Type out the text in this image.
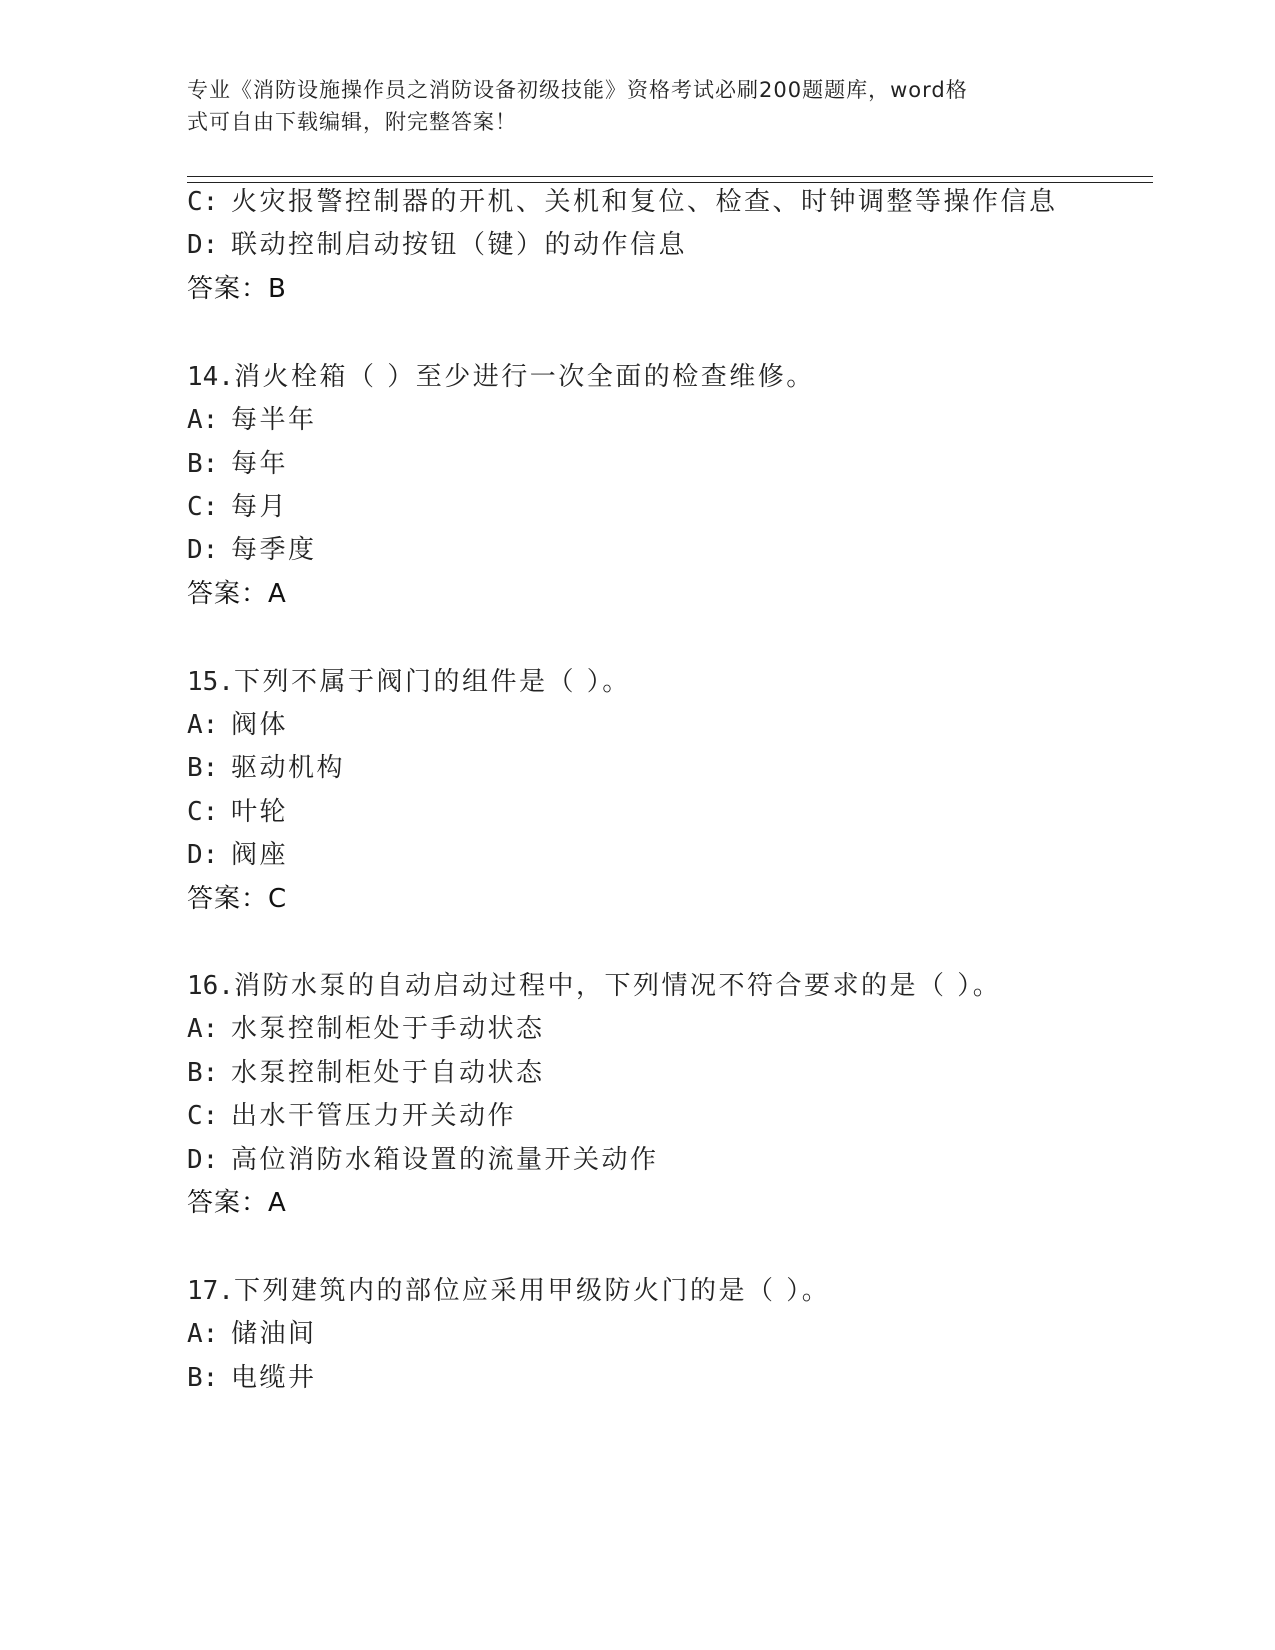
专业《消防设施操作员之消防设备初级技能》资格考试必刷200题题库，word格
式可自由下载编辑，附完整答案！
C: 火灾报警控制器的开机、关机和复位、检查、时钟调整等操作信息
D: 联动控制启动按钮（键）的动作信息
答案：B
14.消火栓箱（ ）至少进行一次全面的检查维修。
A: 每半年
B: 每年
C: 每月
D: 每季度
答案：A
15.下列不属于阀门的组件是（ ）。
A: 阀体
B: 驱动机构
C: 叶轮
D: 阀座
答案：C
16.消防水泵的自动启动过程中，下列情况不符合要求的是（ ）。
A: 水泵控制柜处于手动状态
B: 水泵控制柜处于自动状态
C: 出水干管压力开关动作
D: 高位消防水箱设置的流量开关动作
答案：A
17.下列建筑内的部位应采用甲级防火门的是（ ）。
A: 储油间
B: 电缆井
